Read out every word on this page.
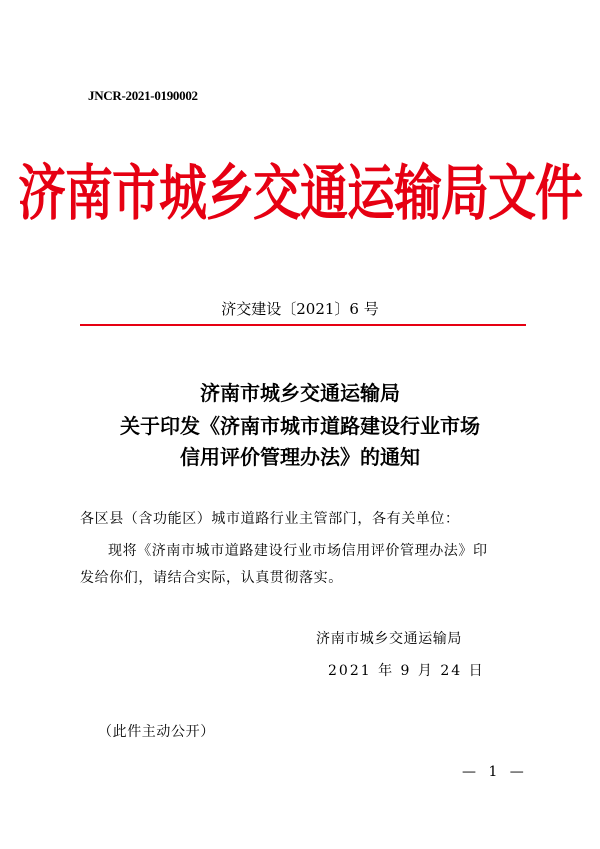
JNCR-2021-0190002
济南市城乡交通运输局文件
济交建设〔2021〕6 号
济南市城乡交通运输局
关于印发《济南市城市道路建设行业市场
信用评价管理办法》的通知
各区县（含功能区）城市道路行业主管部门，各有关单位：
现将《济南市城市道路建设行业市场信用评价管理办法》印
发给你们，请结合实际，认真贯彻落实。
济南市城乡交通运输局
2021 年 9 月 24 日
（此件主动公开）
— 1 —
